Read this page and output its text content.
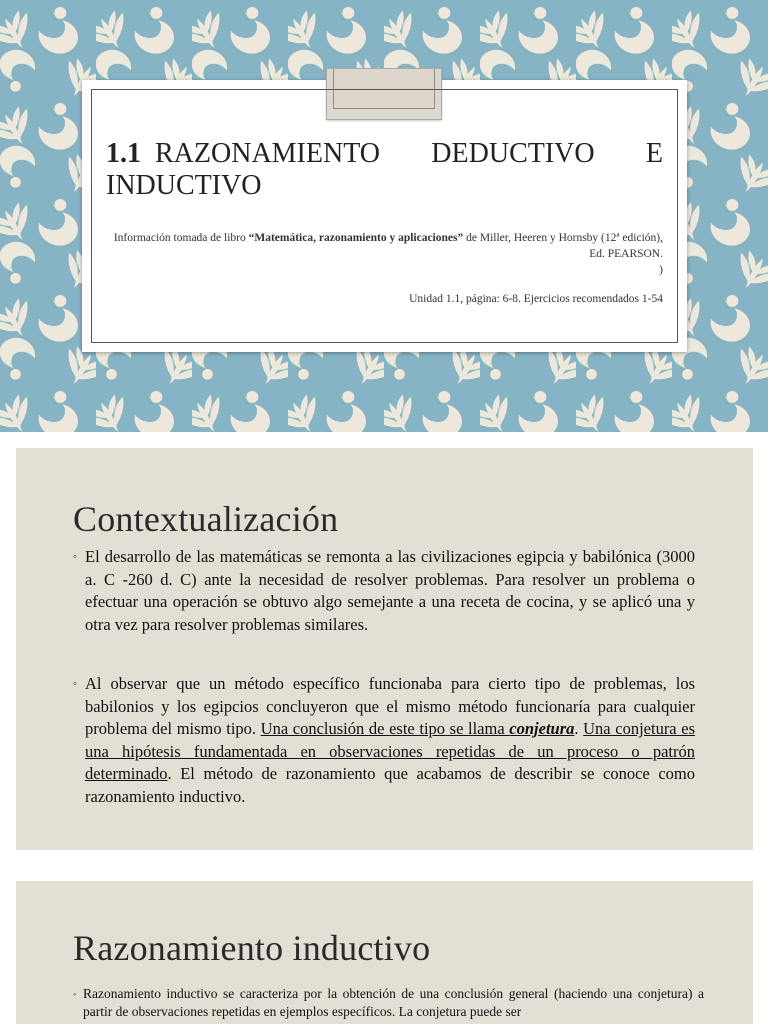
1.1 RAZONAMIENTO DEDUCTIVO E INDUCTIVO
Información tomada de libro “Matemática, razonamiento y aplicaciones” de Miller, Heeren y Hornsby (12ª edición), Ed. PEARSON.
)
Unidad 1.1, página: 6-8. Ejercicios recomendados 1-54
Contextualización
◦ El desarrollo de las matemáticas se remonta a las civilizaciones egipcia y babilónica (3000 a. C -260 d. C) ante la necesidad de resolver problemas. Para resolver un problema o efectuar una operación se obtuvo algo semejante a una receta de cocina, y se aplicó una y otra vez para resolver problemas similares.
◦ Al observar que un método específico funcionaba para cierto tipo de problemas, los babilonios y los egipcios concluyeron que el mismo método funcionaría para cualquier problema del mismo tipo. Una conclusión de este tipo se llama conjetura. Una conjetura es una hipótesis fundamentada en observaciones repetidas de un proceso o patrón determinado. El método de razonamiento que acabamos de describir se conoce como razonamiento inductivo.
Razonamiento inductivo
◦ Razonamiento inductivo se caracteriza por la obtención de una conclusión general (haciendo una conjetura) a partir de observaciones repetidas en ejemplos específicos. La conjetura puede ser
